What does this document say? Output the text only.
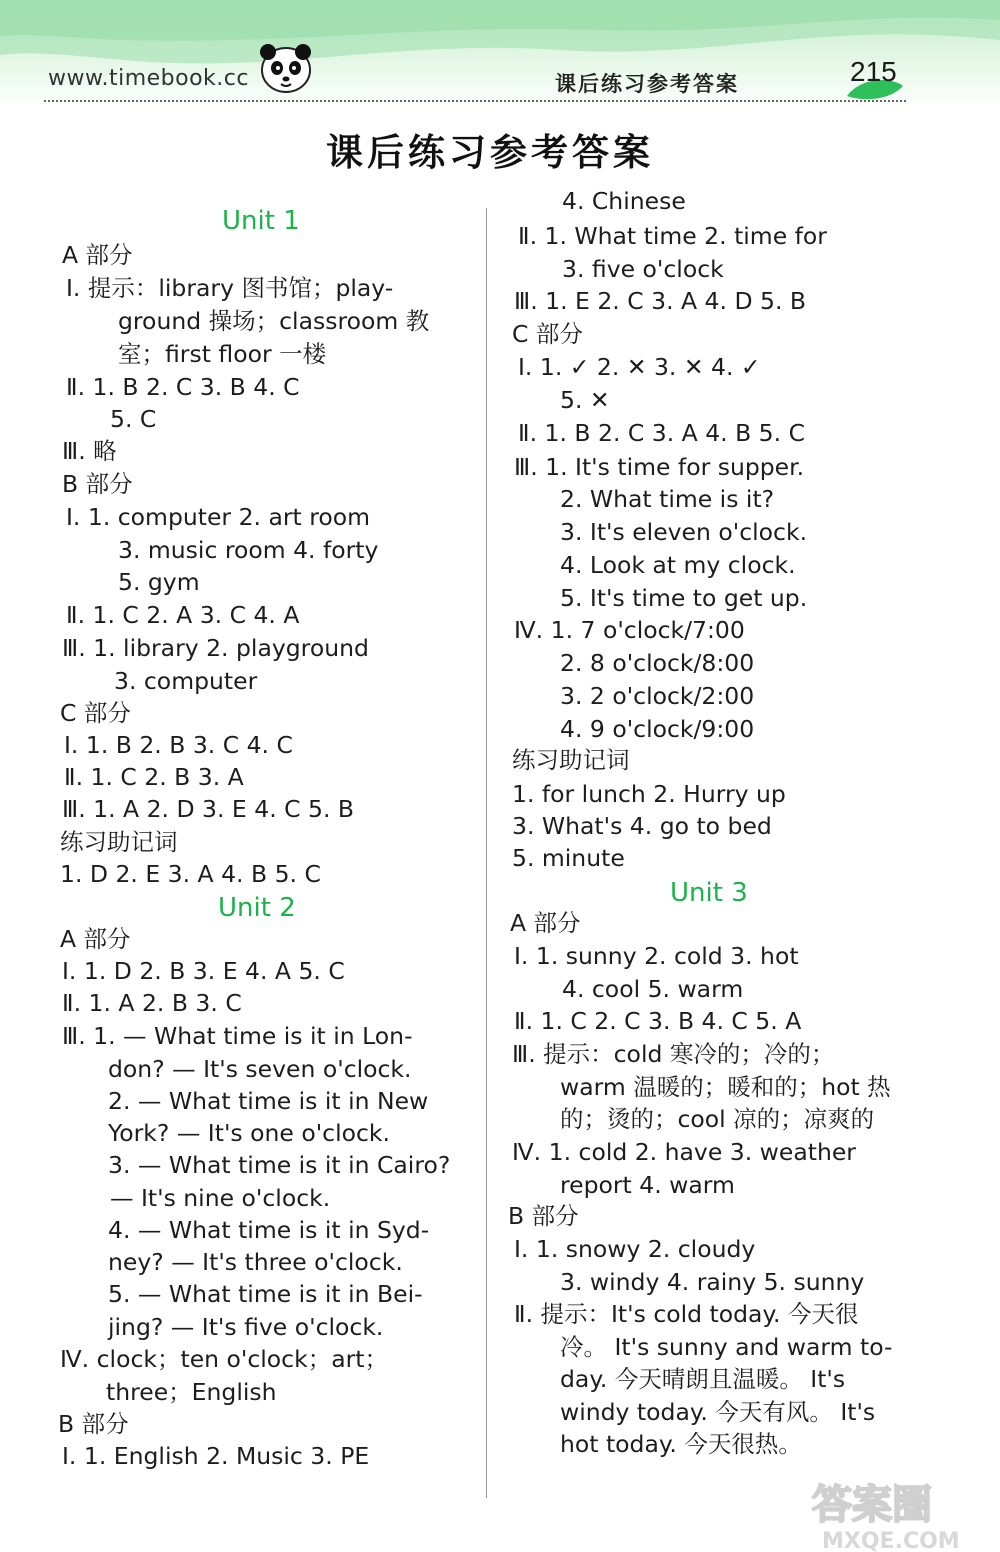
www.timebook.cc	课后练习参考答案	215
课后练习参考答案
Unit 1
A 部分
Ⅰ. 提示：library 图书馆；play-
ground 操场；classroom 教
室；first floor 一楼
Ⅱ. 1. B 2. C 3. B 4. C
5. C
Ⅲ. 略
B 部分
Ⅰ. 1. computer 2. art room
3. music room 4. forty
5. gym
Ⅱ. 1. C 2. A 3. C 4. A
Ⅲ. 1. library 2. playground
3. computer
C 部分
Ⅰ. 1. B 2. B 3. C 4. C
Ⅱ. 1. C 2. B 3. A
Ⅲ. 1. A 2. D 3. E 4. C 5. B
练习助记词
1. D 2. E 3. A 4. B 5. C
Unit 2
A 部分
Ⅰ. 1. D 2. B 3. E 4. A 5. C
Ⅱ. 1. A 2. B 3. C
Ⅲ. 1. — What time is it in Lon-
don? — It's seven o'clock.
2. — What time is it in New
York? — It's one o'clock.
3. — What time is it in Cairo?
— It's nine o'clock.
4. — What time is it in Syd-
ney? — It's three o'clock.
5. — What time is it in Bei-
jing? — It's five o'clock.
Ⅳ. clock；ten o'clock；art；
three；English
B 部分
Ⅰ. 1. English 2. Music 3. PE
4. Chinese
Ⅱ. 1. What time 2. time for
3. five o'clock
Ⅲ. 1. E 2. C 3. A 4. D 5. B
C 部分
Ⅰ. 1. ✓ 2. ✕ 3. ✕ 4. ✓
5. ✕
Ⅱ. 1. B 2. C 3. A 4. B 5. C
Ⅲ. 1. It's time for supper.
2. What time is it?
3. It's eleven o'clock.
4. Look at my clock.
5. It's time to get up.
Ⅳ. 1. 7 o'clock/7:00
2. 8 o'clock/8:00
3. 2 o'clock/2:00
4. 9 o'clock/9:00
练习助记词
1. for lunch 2. Hurry up
3. What's 4. go to bed
5. minute
Unit 3
A 部分
Ⅰ. 1. sunny 2. cold 3. hot
4. cool 5. warm
Ⅱ. 1. C 2. C 3. B 4. C 5. A
Ⅲ. 提示：cold 寒冷的；冷的；
warm 温暖的；暖和的；hot 热
的；烫的；cool 凉的；凉爽的
Ⅳ. 1. cold 2. have 3. weather
report 4. warm
B 部分
Ⅰ. 1. snowy 2. cloudy
3. windy 4. rainy 5. sunny
Ⅱ. 提示：It's cold today. 今天很
冷。 It's sunny and warm to-
day. 今天晴朗且温暖。 It's
windy today. 今天有风。 It's
hot today. 今天很热。
答案圈
MXQE.COM
